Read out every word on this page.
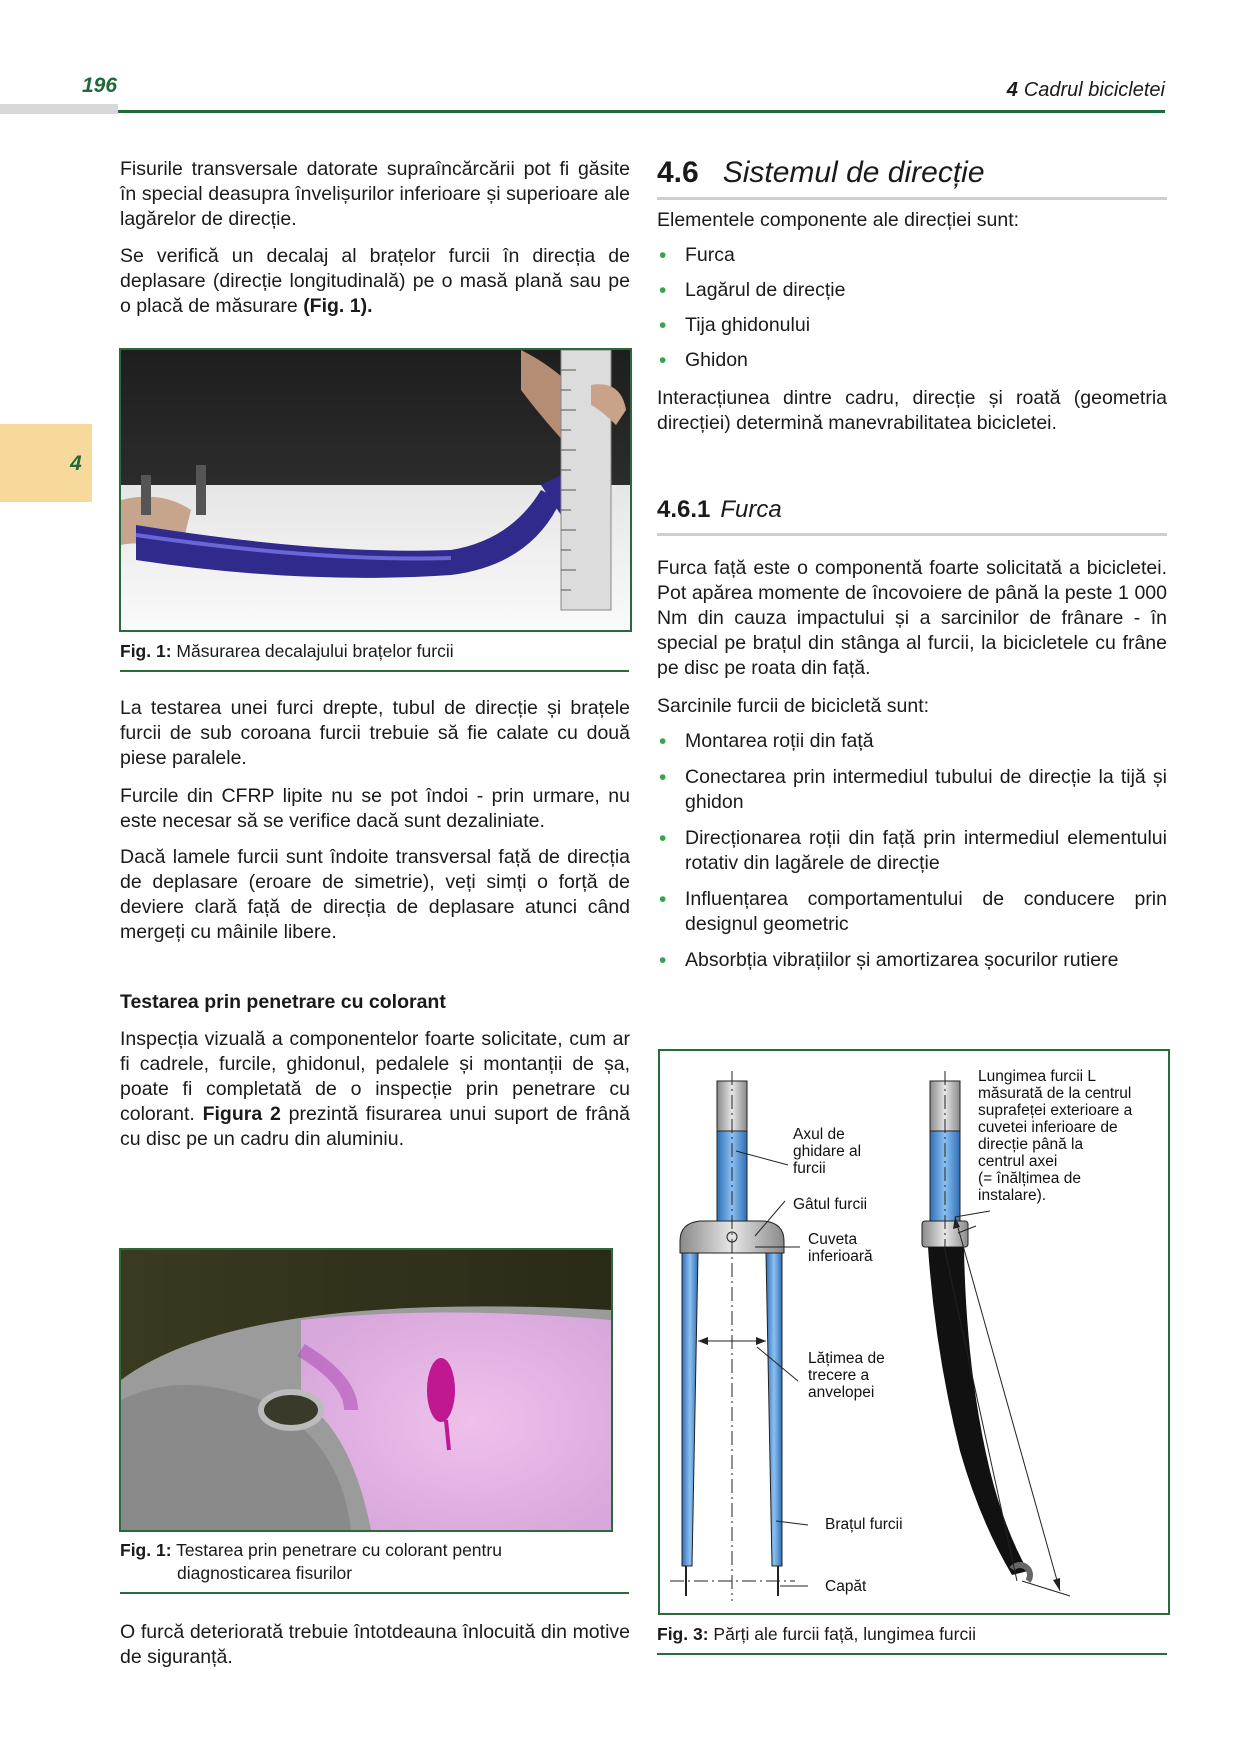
196	4 Cadrul bicicletei
4

Fisurile transversale datorate supraîncărcării pot fi găsite în special deasupra învelișurilor inferioare și superioare ale lagărelor de direcție.

Se verifică un decalaj al brațelor furcii în direcția de deplasare (direcție longitudinală) pe o masă plană sau pe o placă de măsurare (Fig. 1).

Fig. 1: Măsurarea decalajului brațelor furcii

La testarea unei furci drepte, tubul de direcție și brațele furcii de sub coroana furcii trebuie să fie calate cu două piese paralele.

Furcile din CFRP lipite nu se pot îndoi - prin urmare, nu este necesar să se verifice dacă sunt dezaliniate.

Dacă lamele furcii sunt îndoite transversal față de direcția de deplasare (eroare de simetrie), veți simți o forță de deviere clară față de direcția de deplasare atunci când mergeți cu mâinile libere.

Testarea prin penetrare cu colorant

Inspecția vizuală a componentelor foarte solicitate, cum ar fi cadrele, furcile, ghidonul, pedalele și montanții de șa, poate fi completată de o inspecție prin penetrare cu colorant. Figura 2 prezintă fisurarea unui suport de frână cu disc pe un cadru din aluminiu.

Fig. 1: Testarea prin penetrare cu colorant pentru
diagnosticarea fisurilor

O furcă deteriorată trebuie întotdeauna înlocuită din motive de siguranță.

4.6 Sistemul de direcție

Elementele componente ale direcției sunt:

• Furca
• Lagărul de direcție
• Tija ghidonului
• Ghidon

Interacțiunea dintre cadru, direcție și roată (geometria direcției) determină manevrabilitatea bicicletei.

4.6.1 Furca

Furca față este o componentă foarte solicitată a bicicletei. Pot apărea momente de încovoiere de până la peste 1 000 Nm din cauza impactului și a sarcinilor de frânare - în special pe brațul din stânga al furcii, la bicicletele cu frâne pe disc pe roata din față.

Sarcinile furcii de bicicletă sunt:

• Montarea roții din față
• Conectarea prin intermediul tubului de direcție la tijă și ghidon
• Direcționarea roții din față prin intermediul elementului rotativ din lagărele de direcție
• Influențarea comportamentului de conducere prin designul geometric
• Absorbția vibrațiilor și amortizarea șocurilor rutiere
Axul de
ghidare al
furcii
Gâtul furcii
Cuveta
inferioară
Lățimea de
trecere a
anvelopei
Brațul furcii
Capăt
Lungimea furcii L
măsurată de la centrul
suprafeței exterioare a
cuvetei inferioare de
direcție până la
centrul axei
(= înălțimea de
instalare).
Fig. 3: Părți ale furcii față, lungimea furcii
